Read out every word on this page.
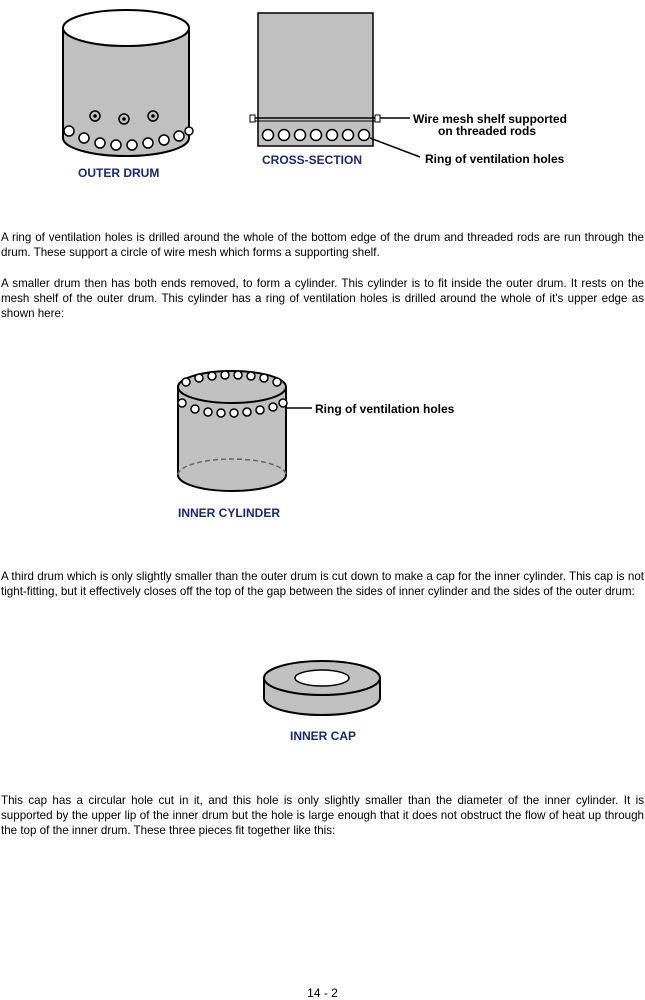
OUTER DRUM
CROSS-SECTION
Wire mesh shelf supported
on threaded rods
Ring of ventilation holes

A ring of ventilation holes is drilled around the whole of the bottom edge of the drum and threaded rods are run through the drum. These support a circle of wire mesh which forms a supporting shelf.

A smaller drum then has both ends removed, to form a cylinder. This cylinder is to fit inside the outer drum. It rests on the mesh shelf of the outer drum. This cylinder has a ring of ventilation holes is drilled around the whole of it's upper edge as shown here:

Ring of ventilation holes
INNER CYLINDER

A third drum which is only slightly smaller than the outer drum is cut down to make a cap for the inner cylinder. This cap is not tight-fitting, but it effectively closes off the top of the gap between the sides of inner cylinder and the sides of the outer drum:

INNER CAP

This cap has a circular hole cut in it, and this hole is only slightly smaller than the diameter of the inner cylinder. It is supported by the upper lip of the inner drum but the hole is large enough that it does not obstruct the flow of heat up through the top of the inner drum. These three pieces fit together like this:

14 - 2
